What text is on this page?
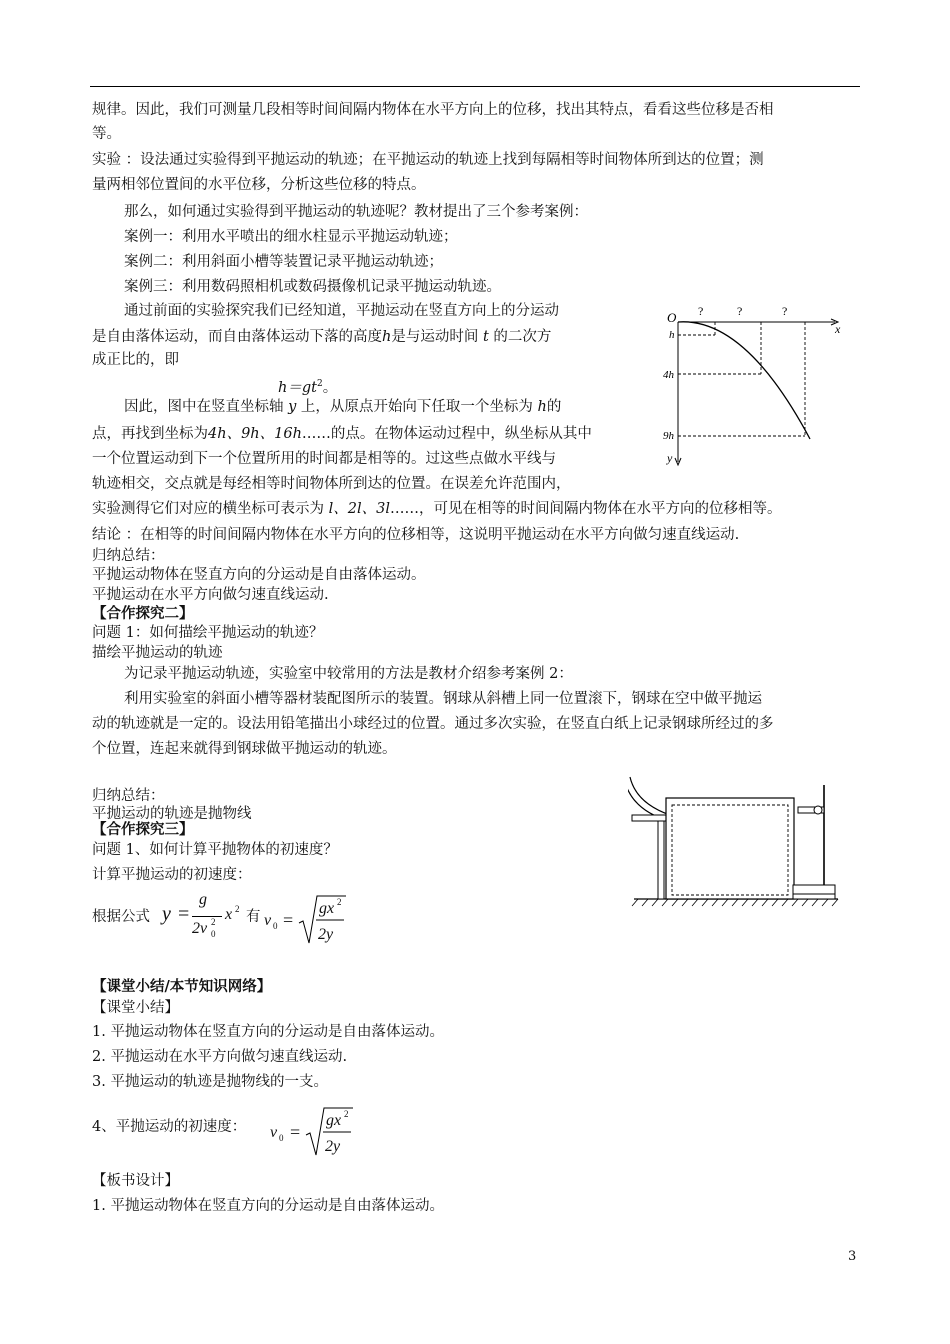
规律。因此，我们可测量几段相等时间间隔内物体在水平方向上的位移，找出其特点，看看这些位移是否相
等。
实验 ：设法通过实验得到平抛运动的轨迹；在平抛运动的轨迹上找到每隔相等时间物体所到达的位置；测
量两相邻位置间的水平位移，分析这些位移的特点。
那么，如何通过实验得到平抛运动的轨迹呢？教材提出了三个参考案例：
案例一：利用水平喷出的细水柱显示平抛运动轨迹；
案例二：利用斜面小槽等装置记录平抛运动轨迹；
案例三：利用数码照相机或数码摄像机记录平抛运动轨迹。
通过前面的实验探究我们已经知道，平抛运动在竖直方向上的分运动
是自由落体运动，而自由落体运动下落的高度h是与运动时间 t 的二次方
成正比的，即
$h=gt^2$。
因此，图中在竖直坐标轴 y 上，从原点开始向下任取一个坐标为 h的
点，再找到坐标为4h、9h、16h……的点。在物体运动过程中，纵坐标从其中
一个位置运动到下一个位置所用的时间都是相等的。过这些点做水平线与
轨迹相交，交点就是每经相等时间物体所到达的位置。在误差允许范围内，
实验测得它们对应的横坐标可表示为 l、2l、3l……，可见在相等的时间间隔内物体在水平方向的位移相等。
结论 ：在相等的时间间隔内物体在水平方向的位移相等，这说明平抛运动在水平方向做匀速直线运动.
归纳总结：
平抛运动物体在竖直方向的分运动是自由落体运动。
平抛运动在水平方向做匀速直线运动.
【合作探究二】
问题 1：如何描绘平抛运动的轨迹？
描绘平抛运动的轨迹
为记录平抛运动轨迹，实验室中较常用的方法是教材介绍参考案例 2：
利用实验室的斜面小槽等器材装配图所示的装置。钢球从斜槽上同一位置滚下，钢球在空中做平抛运
动的轨迹就是一定的。设法用铅笔描出小球经过的位置。通过多次实验，在竖直白纸上记录钢球所经过的多
个位置，连起来就得到钢球做平抛运动的轨迹。
归纳总结：
平抛运动的轨迹是抛物线
【合作探究三】
问题 1、如何计算平抛物体的初速度？
计算平抛运动的初速度：
根据公式 y =
g
2v 2
0
x 2 有 v 0 =
gx 2
2y
【课堂小结/本节知识网络】
【课堂小结】
1. 平抛运动物体在竖直方向的分运动是自由落体运动。
2. 平抛运动在水平方向做匀速直线运动.
3. 平抛运动的轨迹是抛物线的一支。
4、平抛运动的初速度： v 0 =
gx 2
2y
【板书设计】
1. 平抛运动物体在竖直方向的分运动是自由落体运动。
3
O ?	?	?
x
y
h
4h
9h
